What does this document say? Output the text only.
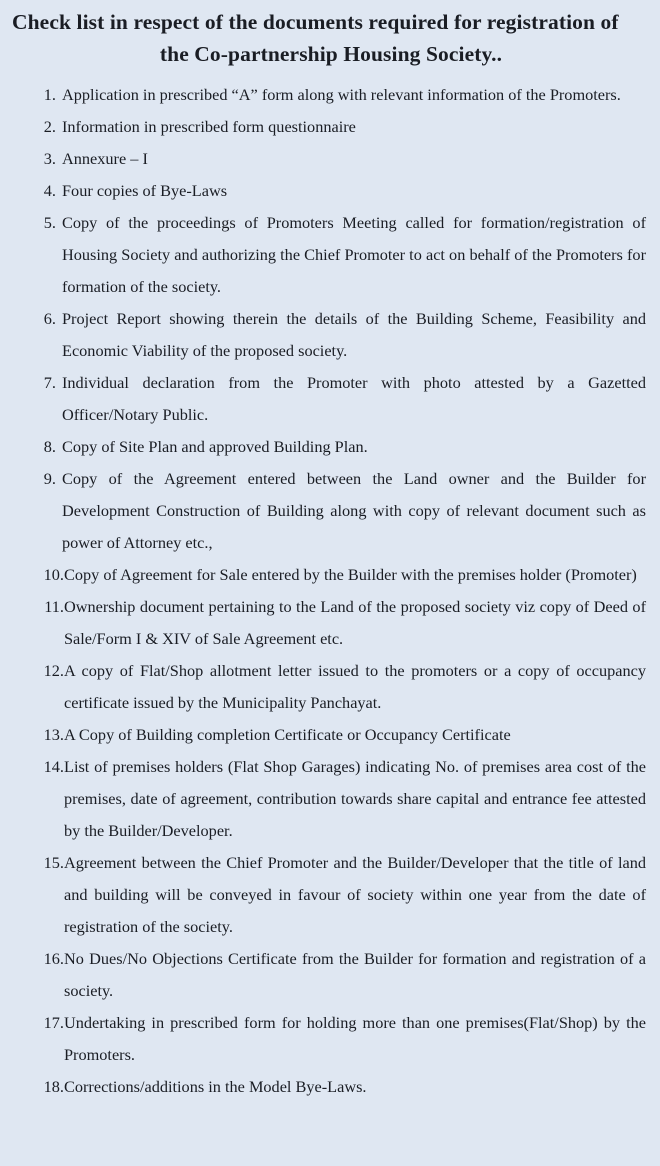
Check list in respect of the documents required for registration of
the Co-partnership Housing Society..
1. Application in prescribed “A” form along with relevant information of the Promoters.
2. Information in prescribed form questionnaire
3. Annexure – I
4. Four copies of Bye-Laws
5. Copy of the proceedings of Promoters Meeting called for formation/registration of Housing Society and authorizing the Chief Promoter to act on behalf of the Promoters for formation of the society.
6. Project Report showing therein the details of the Building Scheme, Feasibility and Economic Viability of the proposed society.
7. Individual declaration from the Promoter with photo attested by a Gazetted Officer/Notary Public.
8. Copy of Site Plan and approved Building Plan.
9. Copy of the Agreement entered between the Land owner and the Builder for Development Construction of Building along with copy of relevant document such as power of Attorney etc.,
10. Copy of Agreement for Sale entered by the Builder with the premises holder (Promoter)
11. Ownership document pertaining to the Land of the proposed society viz copy of Deed of Sale/Form I & XIV of Sale Agreement etc.
12. A copy of Flat/Shop allotment letter issued to the promoters or a copy of occupancy certificate issued by the Municipality Panchayat.
13. A Copy of Building completion Certificate or Occupancy Certificate
14. List of premises holders (Flat Shop Garages) indicating No. of premises area cost of the premises, date of agreement, contribution towards share capital and entrance fee attested by the Builder/Developer.
15. Agreement between the Chief Promoter and the Builder/Developer that the title of land and building will be conveyed in favour of society within one year from the date of registration of the society.
16. No Dues/No Objections Certificate from the Builder for formation and registration of a society.
17. Undertaking in prescribed form for holding more than one premises(Flat/Shop) by the Promoters.
18. Corrections/additions in the Model Bye-Laws.
